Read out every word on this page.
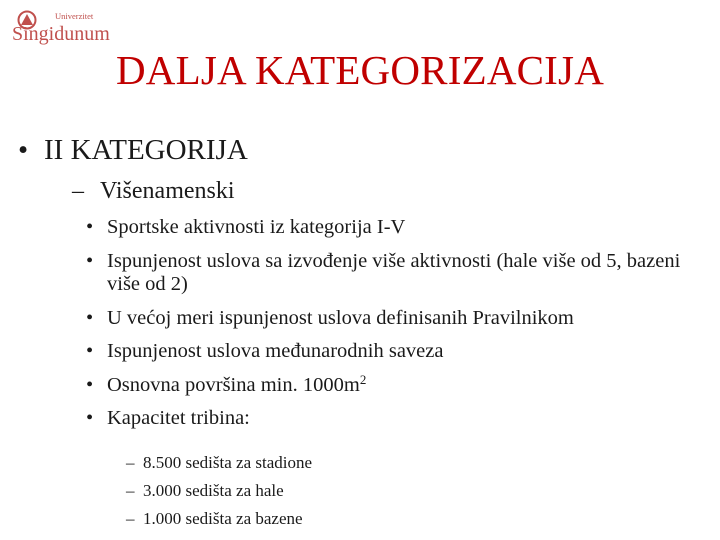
Univerzitet
Singidunum
DALJA KATEGORIZACIJA
• II KATEGORIJA
– Višenamenski
• Sportske aktivnosti iz kategorija I-V
• Ispunjenost uslova sa izvođenje više aktivnosti (hale više od 5, bazeni više od 2)
• U većoj meri ispunjenost uslova definisanih Pravilnikom
• Ispunjenost uslova međunarodnih saveza
• Osnovna površina min. $1000m^2$
• Kapacitet tribina:
– 8.500 sedišta za stadione
– 3.000 sedišta za hale
– 1.000 sedišta za bazene
